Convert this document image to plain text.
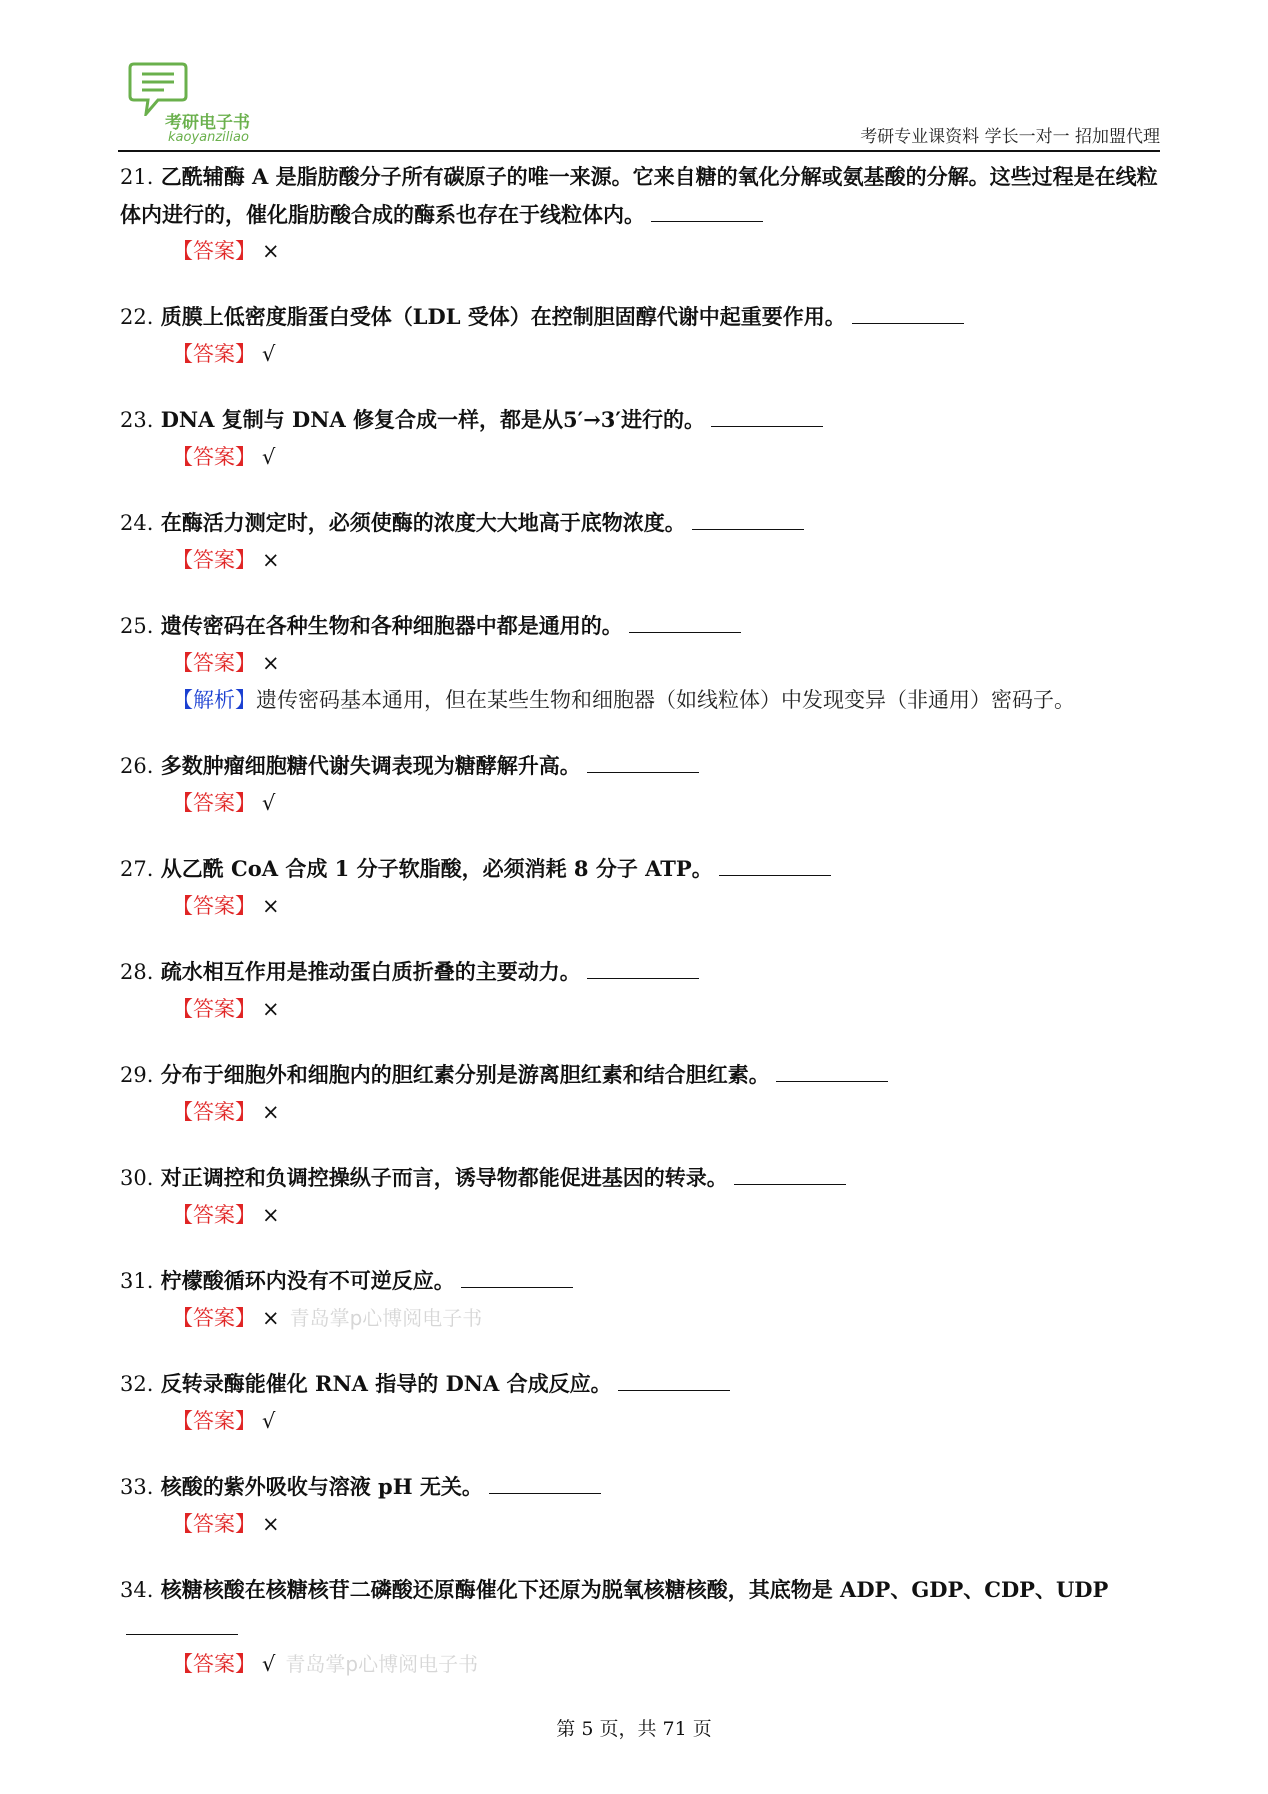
考研电子书
kaoyanziliao	考研专业课资料 学长一对一 招加盟代理
21. 乙酰辅酶 A 是脂肪酸分子所有碳原子的唯一来源。它来自糖的氧化分解或氨基酸的分解。这些过程是在线粒体内进行的，催化脂肪酸合成的酶系也存在于线粒体内。
【答案】 ×
22. 质膜上低密度脂蛋白受体（LDL 受体）在控制胆固醇代谢中起重要作用。
【答案】 √
23. DNA 复制与 DNA 修复合成一样，都是从5′→3′进行的。
【答案】 √
24. 在酶活力测定时，必须使酶的浓度大大地高于底物浓度。
【答案】 ×
25. 遗传密码在各种生物和各种细胞器中都是通用的。
【答案】 ×
【解析】遗传密码基本通用，但在某些生物和细胞器（如线粒体）中发现变异（非通用）密码子。
26. 多数肿瘤细胞糖代谢失调表现为糖酵解升高。
【答案】 √
27. 从乙酰 CoA 合成 1 分子软脂酸，必须消耗 8 分子 ATP。
【答案】 ×
28. 疏水相互作用是推动蛋白质折叠的主要动力。
【答案】 ×
29. 分布于细胞外和细胞内的胆红素分别是游离胆红素和结合胆红素。
【答案】 ×
30. 对正调控和负调控操纵子而言，诱导物都能促进基因的转录。
【答案】 ×
31. 柠檬酸循环内没有不可逆反应。
【答案】 × 青岛掌p心博阅电子书
32. 反转录酶能催化 RNA 指导的 DNA 合成反应。
【答案】 √
33. 核酸的紫外吸收与溶液 pH 无关。
【答案】 ×
34. 核糖核酸在核糖核苷二磷酸还原酶催化下还原为脱氧核糖核酸，其底物是 ADP、GDP、CDP、UDP
【答案】 √ 青岛掌p心博阅电子书
第 5 页，共 71 页
